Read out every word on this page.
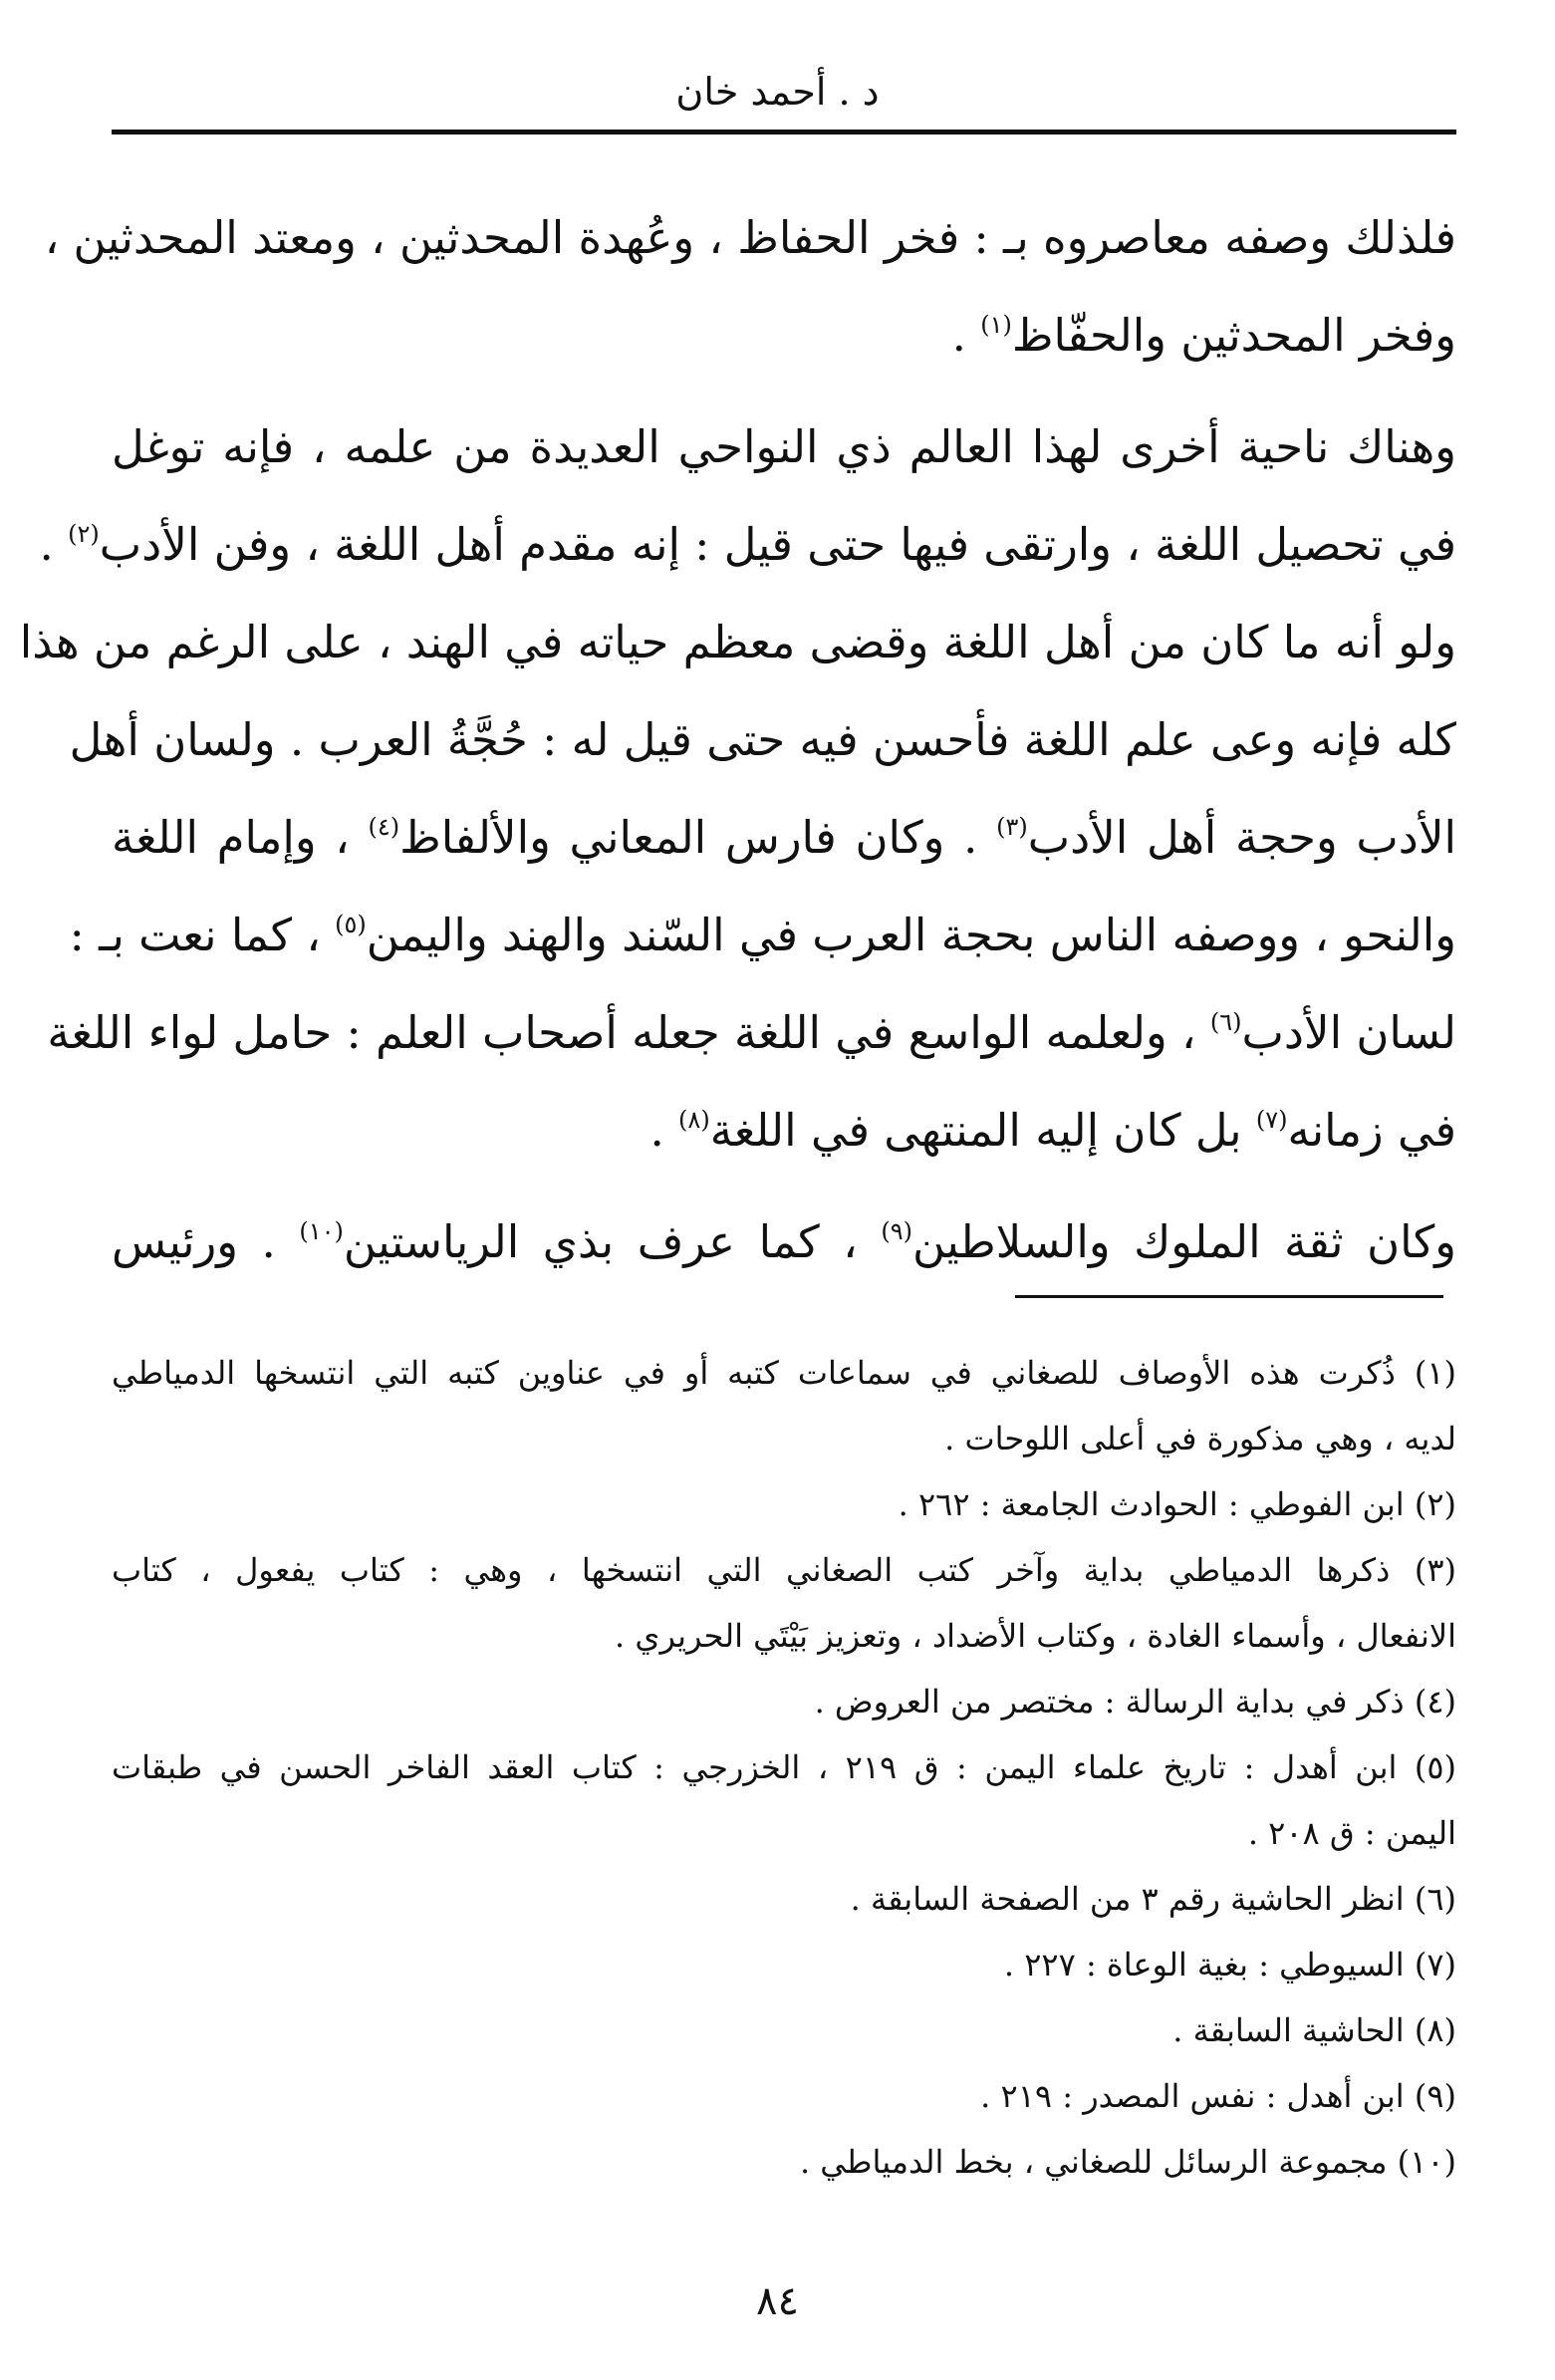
د . أحمد خان
فلذلك وصفه معاصروه بـ : فخر الحفاظ ، وعُهدة المحدثين ، ومعتد المحدثين ،
وفخر المحدثين والحفّاظ$^{(١)}$ .
وهناك ناحية أخرى لهذا العالم ذي النواحي العديدة من علمه ، فإنه توغل
في تحصيل اللغة ، وارتقى فيها حتى قيل : إنه مقدم أهل اللغة ، وفن الأدب$^{(٢)}$ .
ولو أنه ما كان من أهل اللغة وقضى معظم حياته في الهند ، على الرغم من هذا
كله فإنه وعى علم اللغة فأحسن فيه حتى قيل له : حُجَّةُ العرب . ولسان أهل
الأدب وحجة أهل الأدب$^{(٣)}$ . وكان فارس المعاني والألفاظ$^{(٤)}$ ، وإمام اللغة
والنحو ، ووصفه الناس بحجة العرب في السّند والهند واليمن$^{(٥)}$ ، كما نعت بـ :
لسان الأدب$^{(٦)}$ ، ولعلمه الواسع في اللغة جعله أصحاب العلم : حامل لواء اللغة
في زمانه$^{(٧)}$ بل كان إليه المنتهى في اللغة$^{(٨)}$ .
وكان ثقة الملوك والسلاطين$^{(٩)}$ ، كما عرف بذي الرياستين$^{(١٠)}$ . ورئيس
(١) ذُكرت هذه الأوصاف للصغاني في سماعات كتبه أو في عناوين كتبه التي انتسخها الدمياطي
لديه ، وهي مذكورة في أعلى اللوحات .
(٢) ابن الفوطي : الحوادث الجامعة : ٢٦٢ .
(٣) ذكرها الدمياطي بداية وآخر كتب الصغاني التي انتسخها ، وهي : كتاب يفعول ، كتاب
الانفعال ، وأسماء الغادة ، وكتاب الأضداد ، وتعزيز بَيْتَي الحريري .
(٤) ذكر في بداية الرسالة : مختصر من العروض .
(٥) ابن أهدل : تاريخ علماء اليمن : ق ٢١٩ ، الخزرجي : كتاب العقد الفاخر الحسن في طبقات
اليمن : ق ٢٠٨ .
(٦) انظر الحاشية رقم ٣ من الصفحة السابقة .
(٧) السيوطي : بغية الوعاة : ٢٢٧ .
(٨) الحاشية السابقة .
(٩) ابن أهدل : نفس المصدر : ٢١٩ .
(١٠) مجموعة الرسائل للصغاني ، بخط الدمياطي .
٨٤
